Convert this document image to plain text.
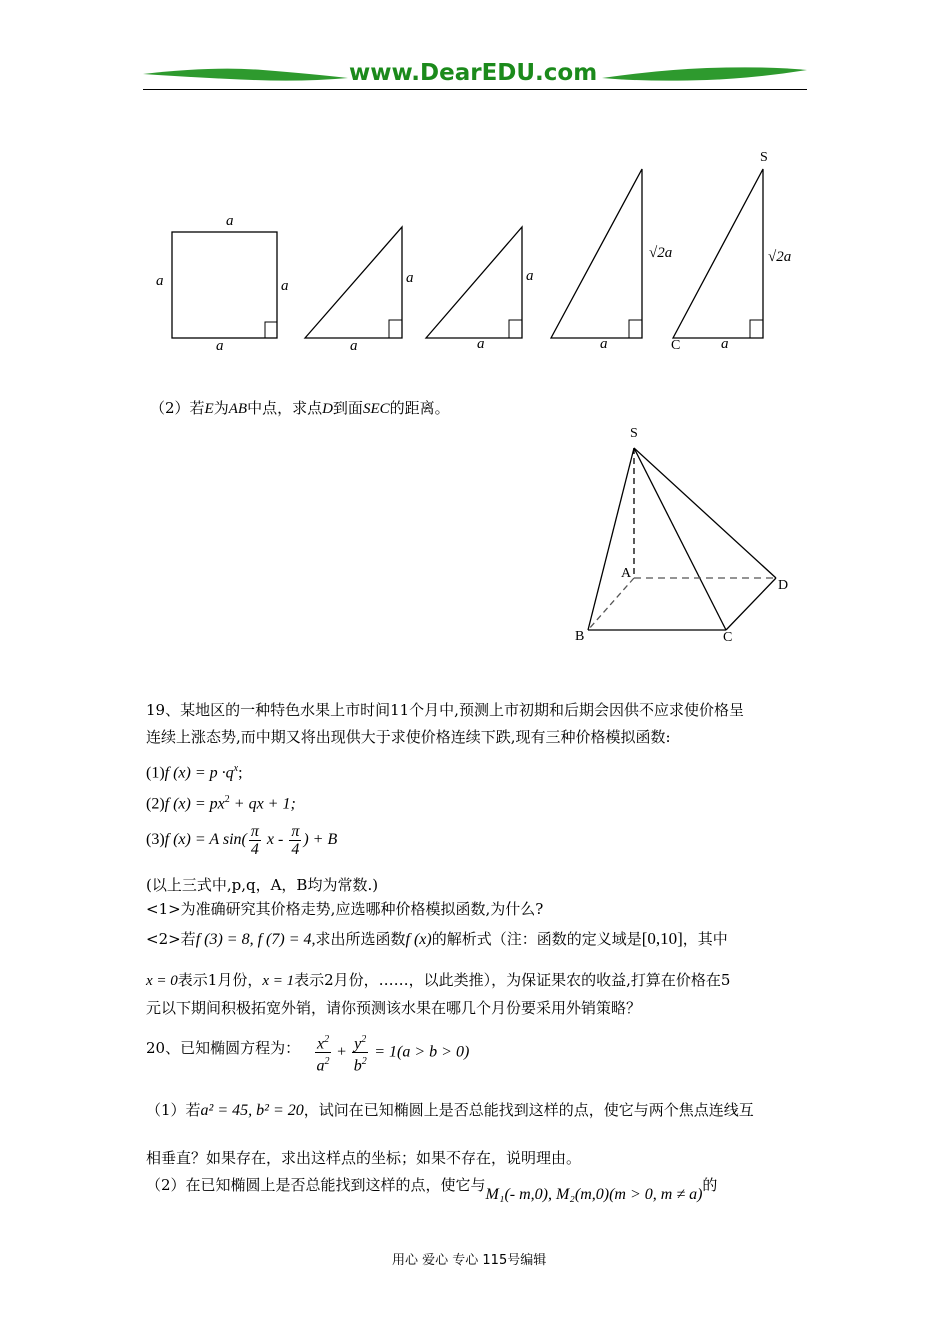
www.DearEDU.com
a
a	a
a
a
a
a
a	a	a
√2a	√2a
S
C
（2）若E为AB中点，求点D到面SEC的距离。
S
A
B	C
D
19、某地区的一种特色水果上市时间11个月中,预测上市初期和后期会因供不应求使价格呈
连续上涨态势,而中期又将出现供大于求使价格连续下跌,现有三种价格模拟函数:
(1)f $(x) = p \cdot q^x$;
(2)f $(x) = px^2$ + qx + 1;
(3)f (x) = A $\sin( \frac{\pi}{4}$ x - $\frac{\pi}{4}$ ) + B
(以上三式中,p,q，A，B均为常数.)
<1>为准确研究其价格走势,应选哪种价格模拟函数,为什么?
<2>若f (3) = 8, f (7) = 4,求出所选函数f (x)的解析式（注：函数的定义域是[0,10]，其中
x = 0表示1月份，x = 1表示2月份，……，以此类推），为保证果农的收益,打算在价格在5
元以下期间积极拓宽外销，请你预测该水果在哪几个月份要采用外销策略？
20、已知椭圆方程为： $\frac{x^2}{a^2} + \frac{y^2}{b^2} = 1(a > b > 0)$
（1）若a² = 45, b² = 20，试问在已知椭圆上是否总能找到这样的点，使它与两个焦点连线互
相垂直？如果存在，求出这样点的坐标；如果不存在，说明理由。
（2）在已知椭圆上是否总能找到这样的点，使它与M₁(- m,0), M₂(m,0)(m > 0, m ≠ a)的
用心 爱心 专心 115号编辑
